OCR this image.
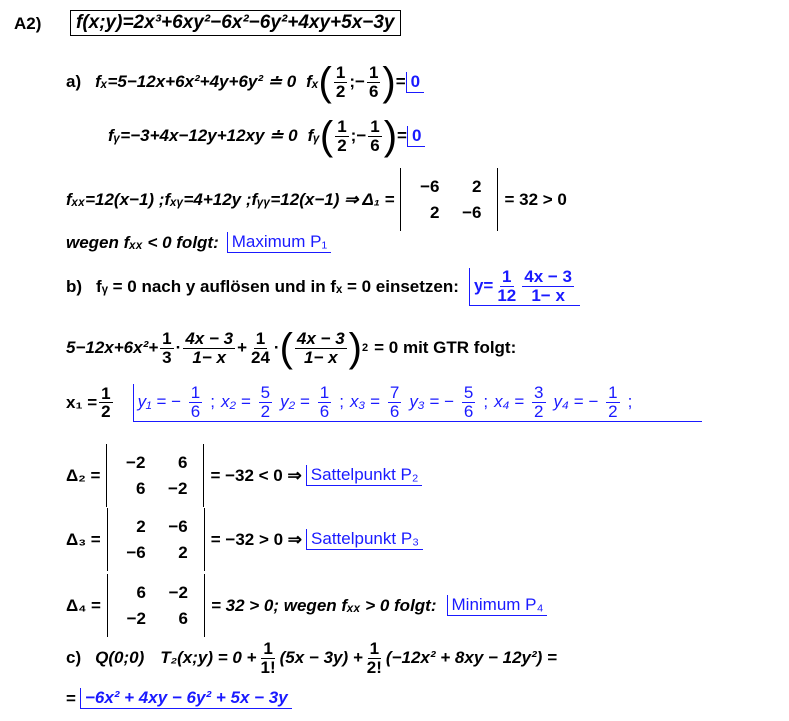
A2)	f(x;y)=2x³+6xy²−6x²−6y²+4xy+5x−3y
a) fₓ=5−12x+6x²+4y+6y² ≐ 0 fₓ ( $\frac{1}{2}$ ;− $\frac{1}{6}$ ) = 0
fᵧ=−3+4x−12y+12xy ≐ 0 fᵧ ( $\frac{1}{2}$ ;− $\frac{1}{6}$ ) = 0
fₓₓ=12(x−1) ;fₓᵧ=4+12y ;fᵧᵧ=12(x−1) ⇒ Δ₁ =
−6	2
2 −6
= 32 > 0
wegen fₓₓ < 0 folgt: Maximum P₁
b) fᵧ = 0 nach y auflösen und in fₓ = 0 einsetzen: $y= \frac{1}{12} \frac{4x - 3}{1- x}$
$5-12x+6x^2+ \frac{1}{3} \cdot \frac{4x - 3}{1- x} + \frac{1}{24}$ · ( $\frac{4x - 3}{1- x}$ ) 2 = 0 mit GTR folgt:
$x_1 = \frac{1}{2} y_1$ = − $\frac{1}{6}$ ; $x_2 = \frac{5}{2} y_2 = \frac{1}{6}$ ; $x_3 = \frac{7}{6} y_3$ = − $\frac{5}{6}$ ; $x_4 = \frac{3}{2} y_4$ = − $\frac{1}{2}$ ;
Δ₂ =
−2	6
6 −2
= −32 < 0 ⇒ Sattelpunkt P₂
Δ₃ =
2 −6
−6	2
= −32 > 0 ⇒ Sattelpunkt P₃
Δ₄ =
6 −2
−2	6
= 32 > 0; wegen fₓₓ > 0 folgt: Minimum P₄
c) Q(0;0) T₂(x;y) = $0 + \frac{1}{1!} (5x - 3y) + \frac{1}{2!} (-12x^2 + 8xy - 12y^2)$ =
= −6x² + 4xy − 6y² + 5x − 3y
